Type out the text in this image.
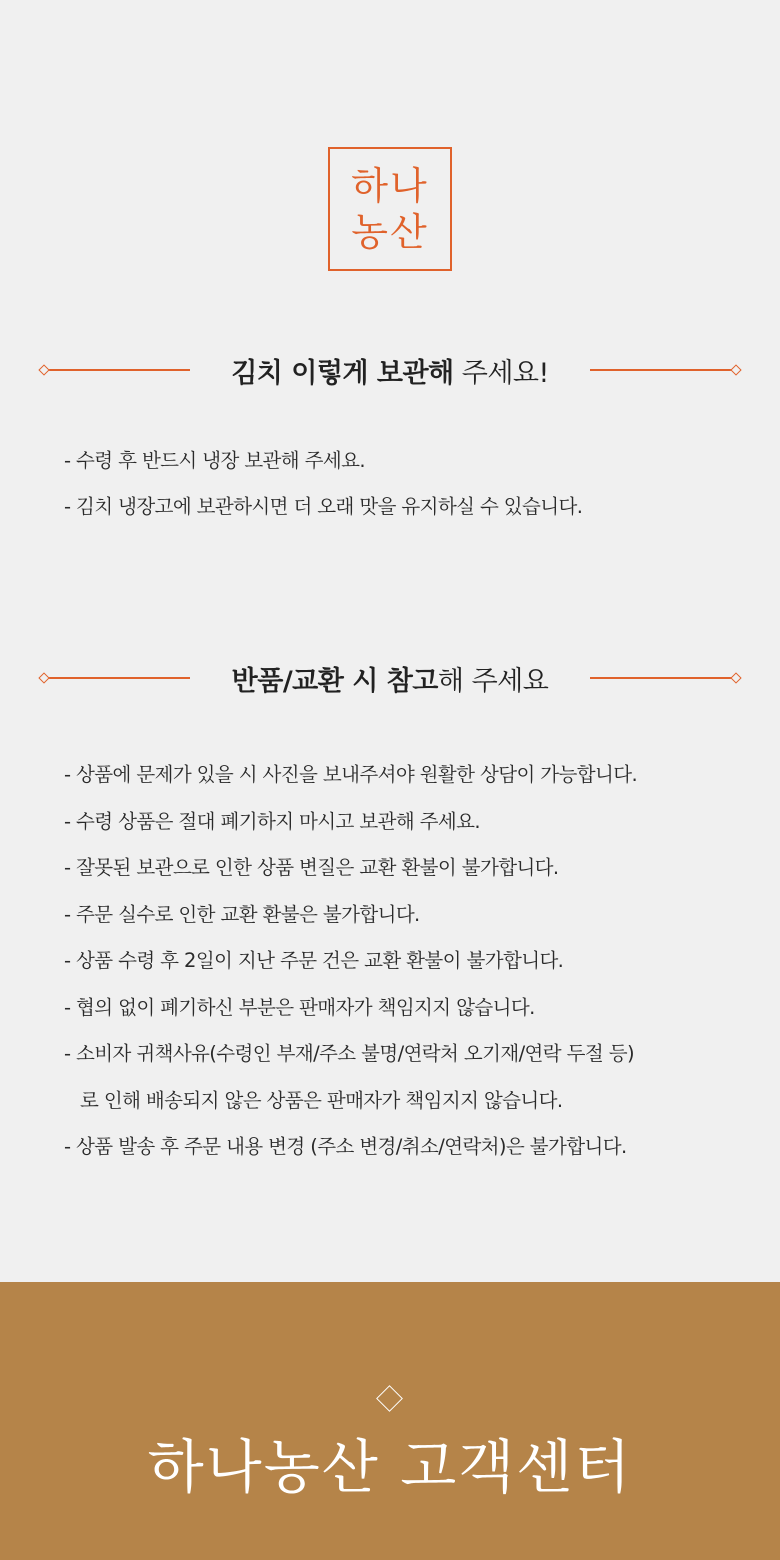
하나
농산
김치 이렇게 보관해 주세요!
- 수령 후 반드시 냉장 보관해 주세요.
- 김치 냉장고에 보관하시면 더 오래 맛을 유지하실 수 있습니다.
반품/교환 시 참고해 주세요
- 상품에 문제가 있을 시 사진을 보내주셔야 원활한 상담이 가능합니다.
- 수령 상품은 절대 폐기하지 마시고 보관해 주세요.
- 잘못된 보관으로 인한 상품 변질은 교환 환불이 불가합니다.
- 주문 실수로 인한 교환 환불은 불가합니다.
- 상품 수령 후 2일이 지난 주문 건은 교환 환불이 불가합니다.
- 협의 없이 폐기하신 부분은 판매자가 책임지지 않습니다.
- 소비자 귀책사유(수령인 부재/주소 불명/연락처 오기재/연락 두절 등)
로 인해 배송되지 않은 상품은 판매자가 책임지지 않습니다.
- 상품 발송 후 주문 내용 변경 (주소 변경/취소/연락처)은 불가합니다.
하나농산 고객센터
